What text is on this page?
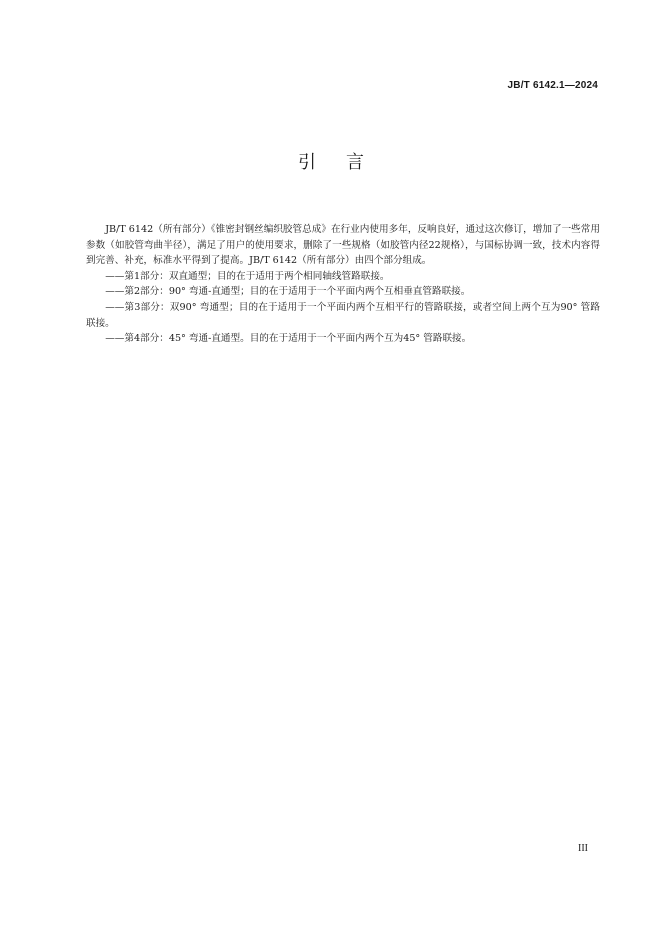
JB/T 6142.1—2024
引言

JB/T 6142（所有部分）《锥密封钢丝编织胶管总成》在行业内使用多年，反响良好，通过这次修订，增加了一些常用参数（如胶管弯曲半径），满足了用户的使用要求，删除了一些规格（如胶管内径22规格），与国标协调一致，技术内容得到完善、补充，标准水平得到了提高。JB/T 6142（所有部分）由四个部分组成。

——第1部分：双直通型；目的在于适用于两个相同轴线管路联接。

——第2部分：90° 弯通-直通型；目的在于适用于一个平面内两个互相垂直管路联接。

——第3部分：双90° 弯通型；目的在于适用于一个平面内两个互相平行的管路联接，或者空间上两个互为90° 管路联接。

——第4部分：45° 弯通-直通型。目的在于适用于一个平面内两个互为45° 管路联接。

III
